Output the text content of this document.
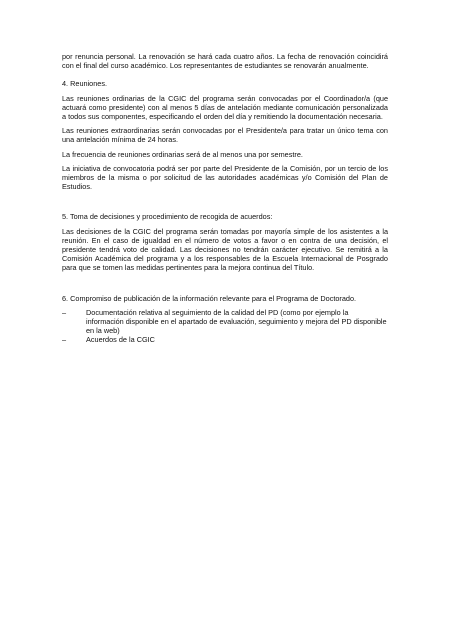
por renuncia personal. La renovación se hará cada cuatro años. La fecha de renovación coincidirá con el final del curso académico. Los representantes de estudiantes se renovarán anualmente.

4. Reuniones.

Las reuniones ordinarias de la CGIC del programa serán convocadas por el Coordinador/a (que actuará como presidente) con al menos 5 días de antelación mediante comunicación personalizada a todos sus componentes, especificando el orden del día y remitiendo la documentación necesaria.

Las reuniones extraordinarias serán convocadas por el Presidente/a para tratar un único tema con una antelación mínima de 24 horas.

La frecuencia de reuniones ordinarias será de al menos una por semestre.

La iniciativa de convocatoria podrá ser por parte del Presidente de la Comisión, por un tercio de los miembros de la misma o por solicitud de las autoridades académicas y/o Comisión del Plan de Estudios.

5. Toma de decisiones y procedimiento de recogida de acuerdos:

Las decisiones de la CGIC del programa serán tomadas por mayoría simple de los asistentes a la reunión. En el caso de igualdad en el número de votos a favor o en contra de una decisión, el presidente tendrá voto de calidad. Las decisiones no tendrán carácter ejecutivo. Se remitirá a la Comisión Académica del programa y a los responsables de la Escuela Internacional de Posgrado para que se tomen las medidas pertinentes para la mejora continua del Título.

6. Compromiso de publicación de la información relevante para el Programa de Doctorado.

–	Documentación relativa al seguimiento de la calidad del PD (como por ejemplo la información disponible en el apartado de evaluación, seguimiento y mejora del PD disponible en la web)
–	Acuerdos de la CGIC
